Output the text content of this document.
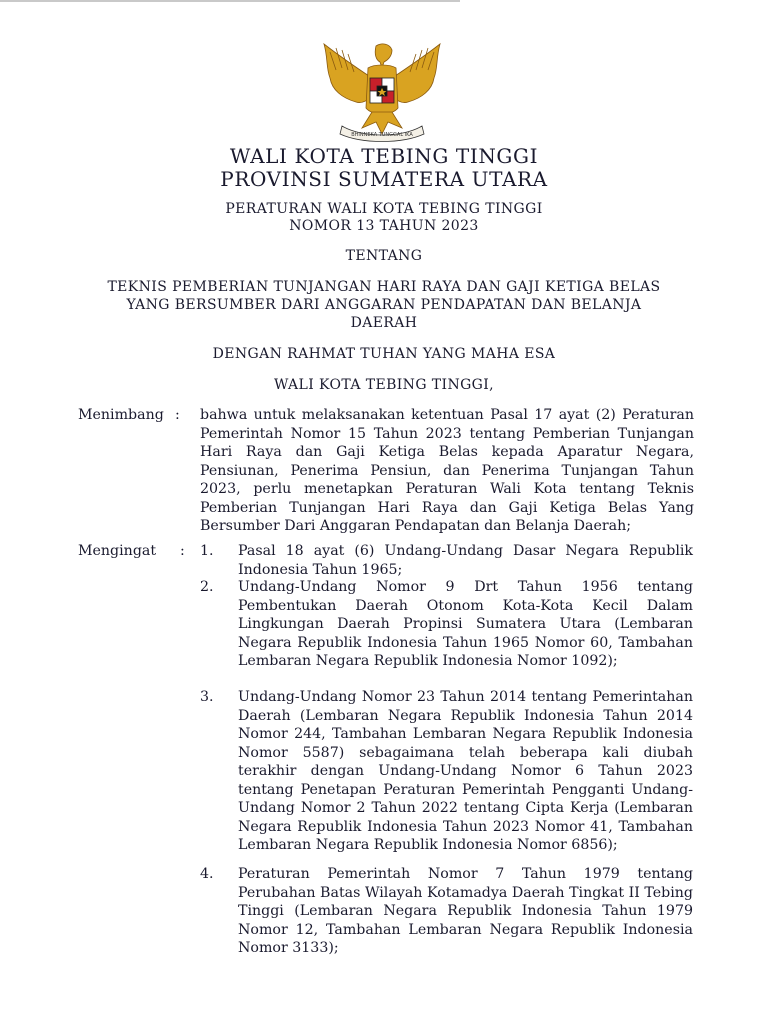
BHINNEKA TUNGGAL IKA
WALI KOTA TEBING TINGGI
PROVINSI SUMATERA UTARA
PERATURAN WALI KOTA TEBING TINGGI
NOMOR 13 TAHUN 2023
TENTANG
TEKNIS PEMBERIAN TUNJANGAN HARI RAYA DAN GAJI KETIGA BELAS
YANG BERSUMBER DARI ANGGARAN PENDAPATAN DAN BELANJA
DAERAH
DENGAN RAHMAT TUHAN YANG MAHA ESA
WALI KOTA TEBING TINGGI,
Menimbang : bahwa untuk melaksanakan ketentuan Pasal 17 ayat (2) Peraturan Pemerintah Nomor 15 Tahun 2023 tentang Pemberian Tunjangan Hari Raya dan Gaji Ketiga Belas kepada Aparatur Negara, Pensiunan, Penerima Pensiun, dan Penerima Tunjangan Tahun 2023, perlu menetapkan Peraturan Wali Kota tentang Teknis Pemberian Tunjangan Hari Raya dan Gaji Ketiga Belas Yang Bersumber Dari Anggaran Pendapatan dan Belanja Daerah;
Mengingat : 1.	Pasal 18 ayat (6) Undang-Undang Dasar Negara Republik Indonesia Tahun 1965;
2.	Undang-Undang Nomor 9 Drt Tahun 1956 tentang Pembentukan Daerah Otonom Kota-Kota Kecil Dalam Lingkungan Daerah Propinsi Sumatera Utara (Lembaran Negara Republik Indonesia Tahun 1965 Nomor 60, Tambahan Lembaran Negara Republik Indonesia Nomor 1092);
3.	Undang-Undang Nomor 23 Tahun 2014 tentang Pemerintahan Daerah (Lembaran Negara Republik Indonesia Tahun 2014 Nomor 244, Tambahan Lembaran Negara Republik Indonesia Nomor 5587) sebagaimana telah beberapa kali diubah terakhir dengan Undang-Undang Nomor 6 Tahun 2023 tentang Penetapan Peraturan Pemerintah Pengganti Undang-Undang Nomor 2 Tahun 2022 tentang Cipta Kerja (Lembaran Negara Republik Indonesia Tahun 2023 Nomor 41, Tambahan Lembaran Negara Republik Indonesia Nomor 6856);
4.	Peraturan Pemerintah Nomor 7 Tahun 1979 tentang Perubahan Batas Wilayah Kotamadya Daerah Tingkat II Tebing Tinggi (Lembaran Negara Republik Indonesia Tahun 1979 Nomor 12, Tambahan Lembaran Negara Republik Indonesia Nomor 3133);
